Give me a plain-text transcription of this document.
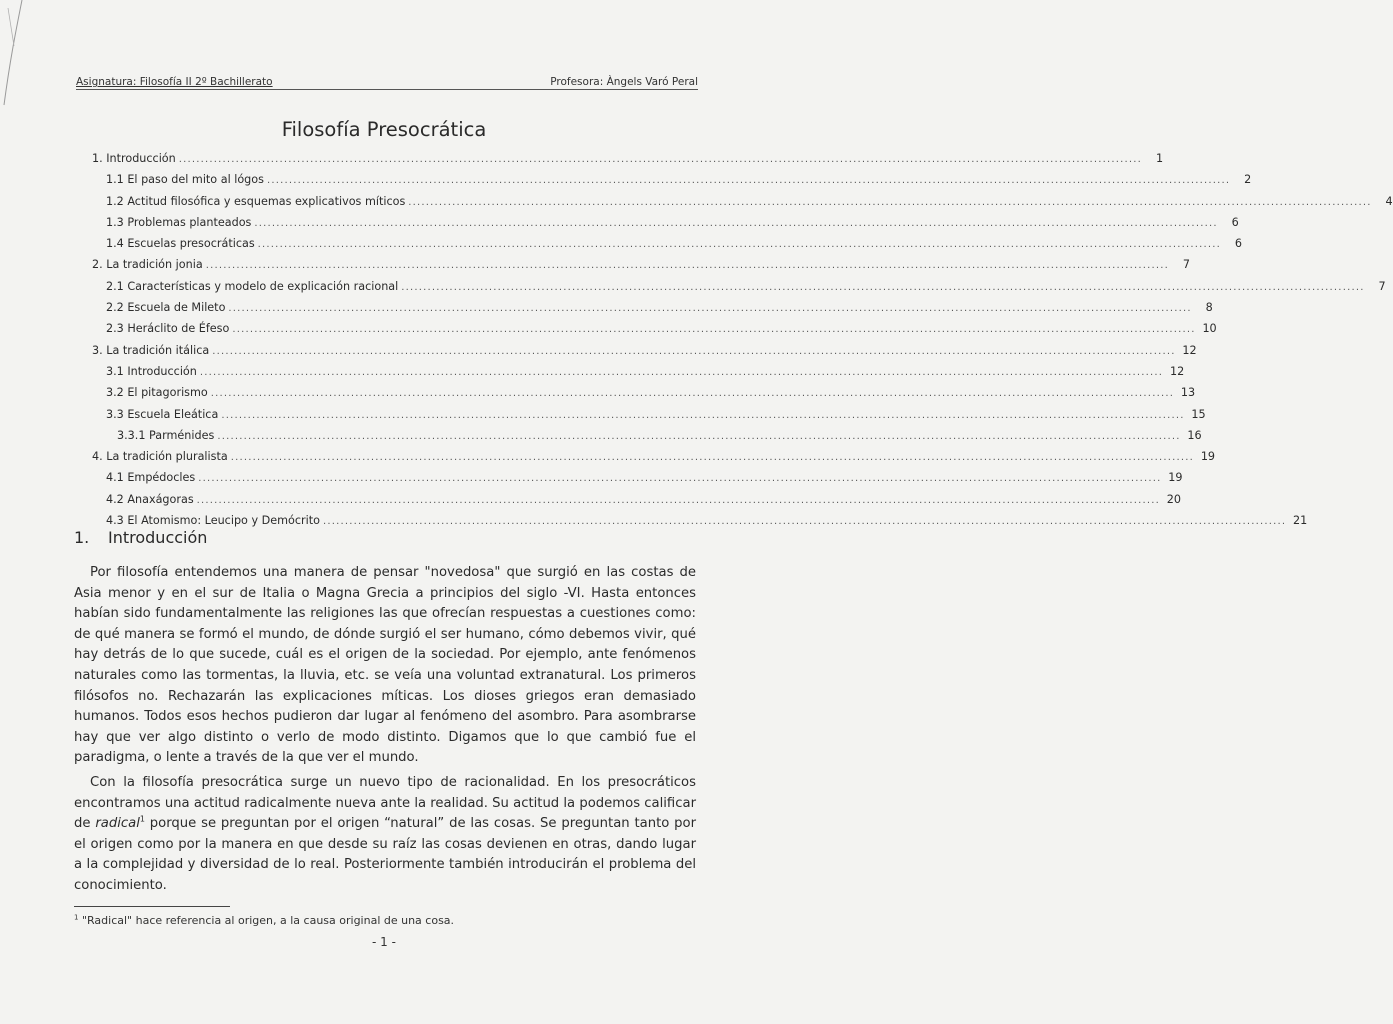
Asignatura: Filosofía II 2º Bachillerato	Profesora: Àngels Varó Peral
Filosofía Presocrática
1. Introducción ............................................................................................................................................................................................................................	1
1.1 El paso del mito al lógos ............................................................................................................................................................................................................................	2
1.2 Actitud filosófica y esquemas explicativos míticos ............................................................................................................................................................................................................................	4
1.3 Problemas planteados ............................................................................................................................................................................................................................	6
1.4 Escuelas presocráticas ............................................................................................................................................................................................................................	6
2. La tradición jonia ............................................................................................................................................................................................................................	7
2.1 Características y modelo de explicación racional ............................................................................................................................................................................................................................	7
2.2 Escuela de Mileto ............................................................................................................................................................................................................................	8
2.3 Heráclito de Éfeso ............................................................................................................................................................................................................................ 10
3. La tradición itálica ............................................................................................................................................................................................................................ 12
3.1 Introducción ............................................................................................................................................................................................................................ 12
3.2 El pitagorismo ............................................................................................................................................................................................................................ 13
3.3 Escuela Eleática ............................................................................................................................................................................................................................ 15
3.3.1 Parménides ............................................................................................................................................................................................................................ 16
4. La tradición pluralista ............................................................................................................................................................................................................................ 19
4.1 Empédocles ............................................................................................................................................................................................................................ 19
4.2 Anaxágoras ............................................................................................................................................................................................................................ 20
4.3 El Atomismo: Leucipo y Demócrito ............................................................................................................................................................................................................................ 21
1. Introducción

Por filosofía entendemos una manera de pensar "novedosa" que surgió en las costas de Asia menor y en el sur de Italia o Magna Grecia a principios del siglo -VI. Hasta entonces habían sido fundamentalmente las religiones las que ofrecían respuestas a cuestiones como: de qué manera se formó el mundo, de dónde surgió el ser humano, cómo debemos vivir, qué hay detrás de lo que sucede, cuál es el origen de la sociedad. Por ejemplo, ante fenómenos naturales como las tormentas, la lluvia, etc. se veía una voluntad extranatural. Los primeros filósofos no. Rechazarán las explicaciones míticas. Los dioses griegos eran demasiado humanos. Todos esos hechos pudieron dar lugar al fenómeno del asombro. Para asombrarse hay que ver algo distinto o verlo de modo distinto. Digamos que lo que cambió fue el paradigma, o lente a través de la que ver el mundo.

Con la filosofía presocrática surge un nuevo tipo de racionalidad. En los presocráticos encontramos una actitud radicalmente nueva ante la realidad. Su actitud la podemos calificar de radical$^1$ porque se preguntan por el origen “natural” de las cosas. Se preguntan tanto por el origen como por la manera en que desde su raíz las cosas devienen en otras, dando lugar a la complejidad y diversidad de lo real. Posteriormente también introducirán el problema del conocimiento.

$^1$ "Radical" hace referencia al origen, a la causa original de una cosa.
- 1 -
